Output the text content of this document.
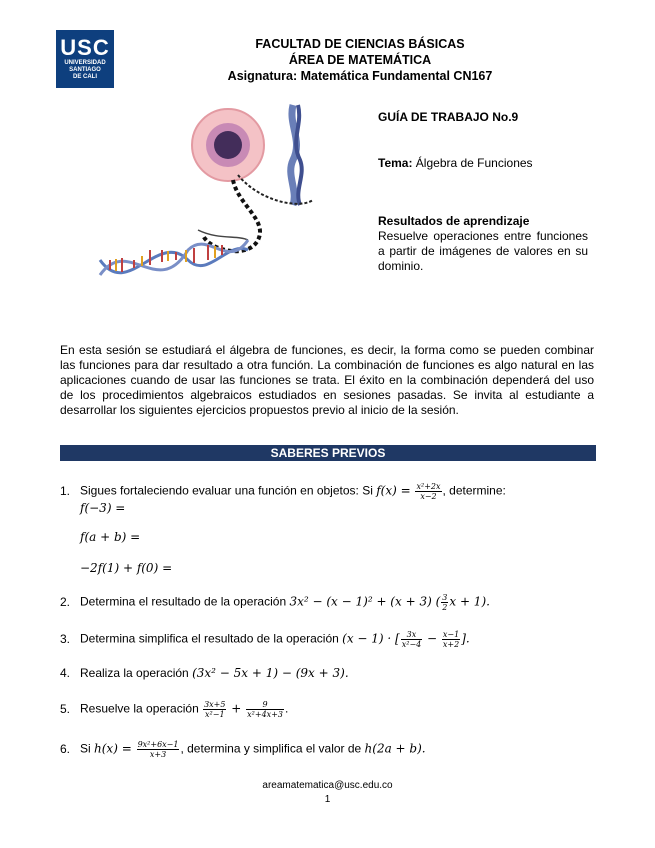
USC
UNIVERSIDAD
SANTIAGO
DE CALI
FACULTAD DE CIENCIAS BÁSICAS
ÁREA DE MATEMÁTICA
Asignatura: Matemática Fundamental CN167
GUÍA DE TRABAJO No.9
Tema: Álgebra de Funciones
Resultados de aprendizaje
Resuelve operaciones entre funciones a partir de imágenes de valores en su dominio.
En esta sesión se estudiará el álgebra de funciones, es decir, la forma como se pueden combinar las funciones para dar resultado a otra función. La combinación de funciones es algo natural en las aplicaciones cuando de usar las funciones se trata. El éxito en la combinación dependerá del uso de los procedimientos algebraicos estudiados en sesiones pasadas. Se invita al estudiante a desarrollar los siguientes ejercicios propuestos previo al inicio de la sesión.
SABERES PREVIOS
1. Sigues fortaleciendo evaluar una función en objetos: Si $f(x) = \frac{\text{x²+2x}}{x-2}$ , determine:
f(−3) =
f(a + b) =
−2f(1) + f(0) =
2. Determina el resultado de la operación 3x² − (x − 1)² + (x + 3) ( $\frac{3}{2}$ x + 1).
3. Determina simplifica el resultado de la operación (x − 1) · [ $\frac{3x}{\text{x²−4}} - \frac{x-1}{x+2}$ ].
4. Realiza la operación (3x² − 5x + 1) − (9x + 3).
5. Resuelve la operación $\frac{3x+5}{\text{x²−1}} + \frac{9}{\text{x²+4x+3}}$ .
6. Si $h(x) = \frac{\text{9x²+6x−1}}{x+3}$ , determina y simplifica el valor de h(2a + b).
areamatematica@usc.edu.co
1
